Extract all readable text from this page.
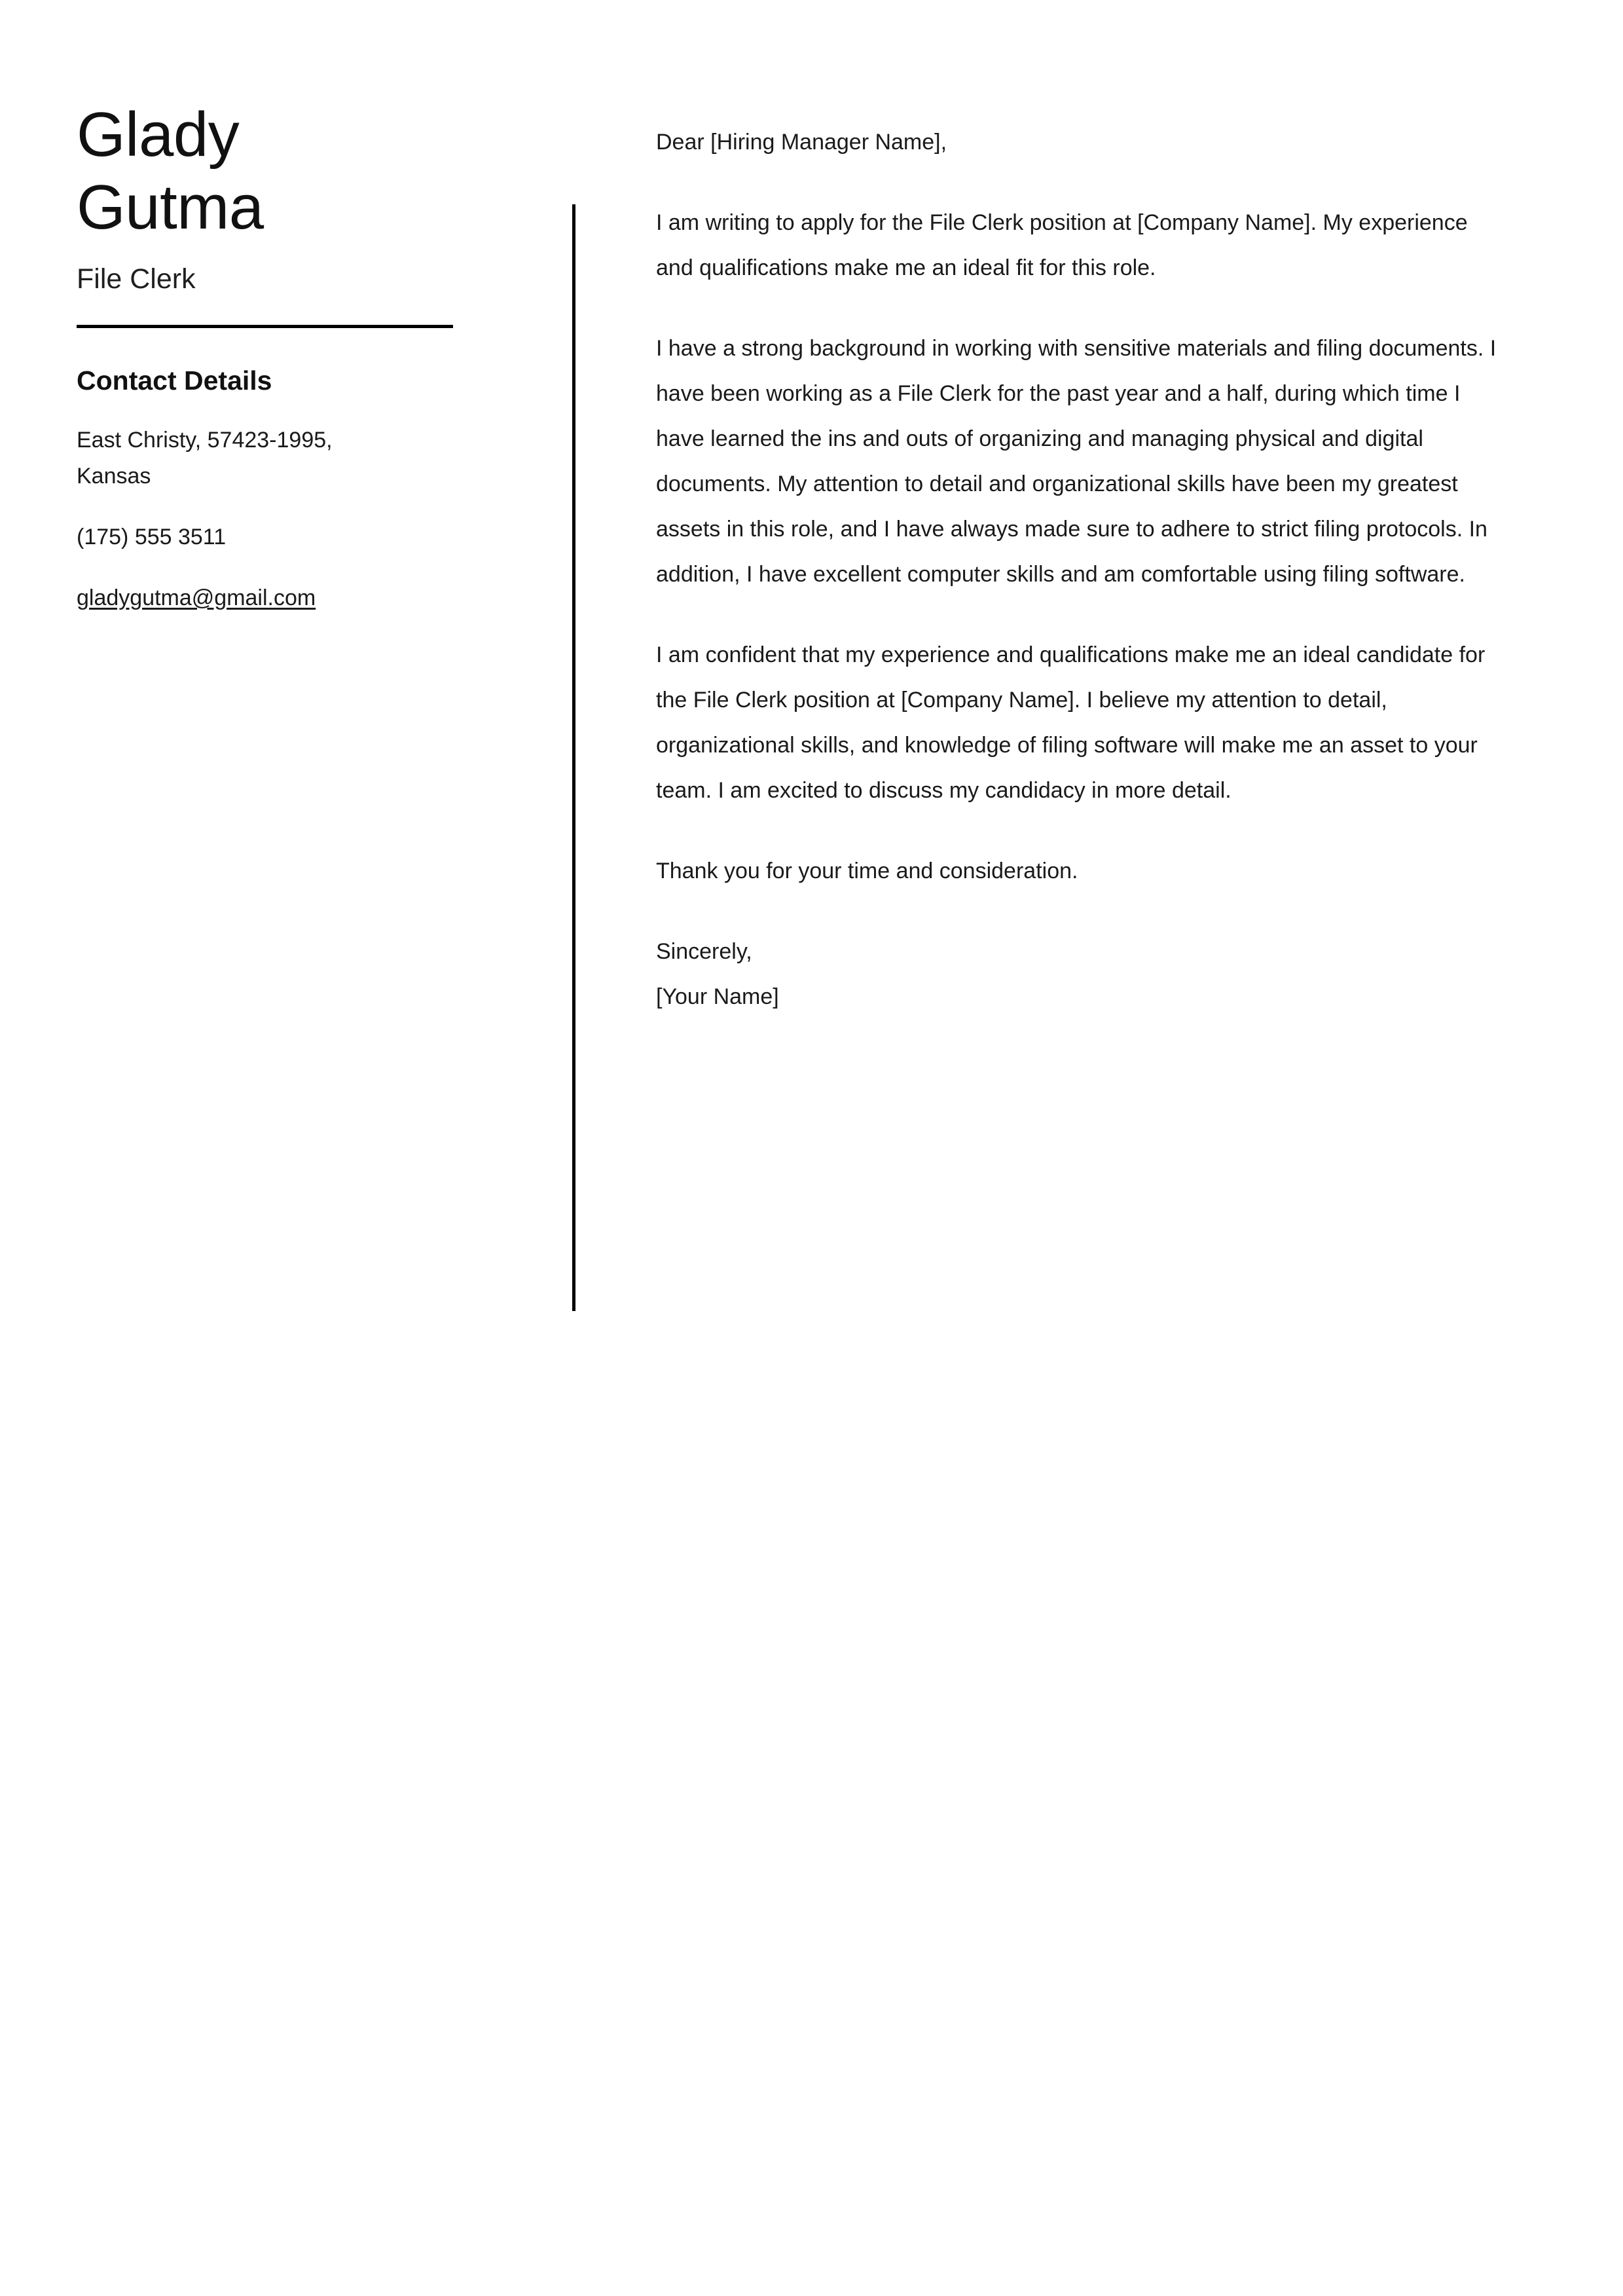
Glady
Gutma
File Clerk
Contact Details
East Christy, 57423-1995, Kansas
(175) 555 3511
gladygutma@gmail.com

Dear [Hiring Manager Name],

I am writing to apply for the File Clerk position at [Company Name]. My experience and qualifications make me an ideal fit for this role.

I have a strong background in working with sensitive materials and filing documents. I have been working as a File Clerk for the past year and a half, during which time I have learned the ins and outs of organizing and managing physical and digital documents. My attention to detail and organizational skills have been my greatest assets in this role, and I have always made sure to adhere to strict filing protocols. In addition, I have excellent computer skills and am comfortable using filing software.

I am confident that my experience and qualifications make me an ideal candidate for the File Clerk position at [Company Name]. I believe my attention to detail, organizational skills, and knowledge of filing software will make me an asset to your team. I am excited to discuss my candidacy in more detail.

Thank you for your time and consideration.

Sincerely,

[Your Name]
